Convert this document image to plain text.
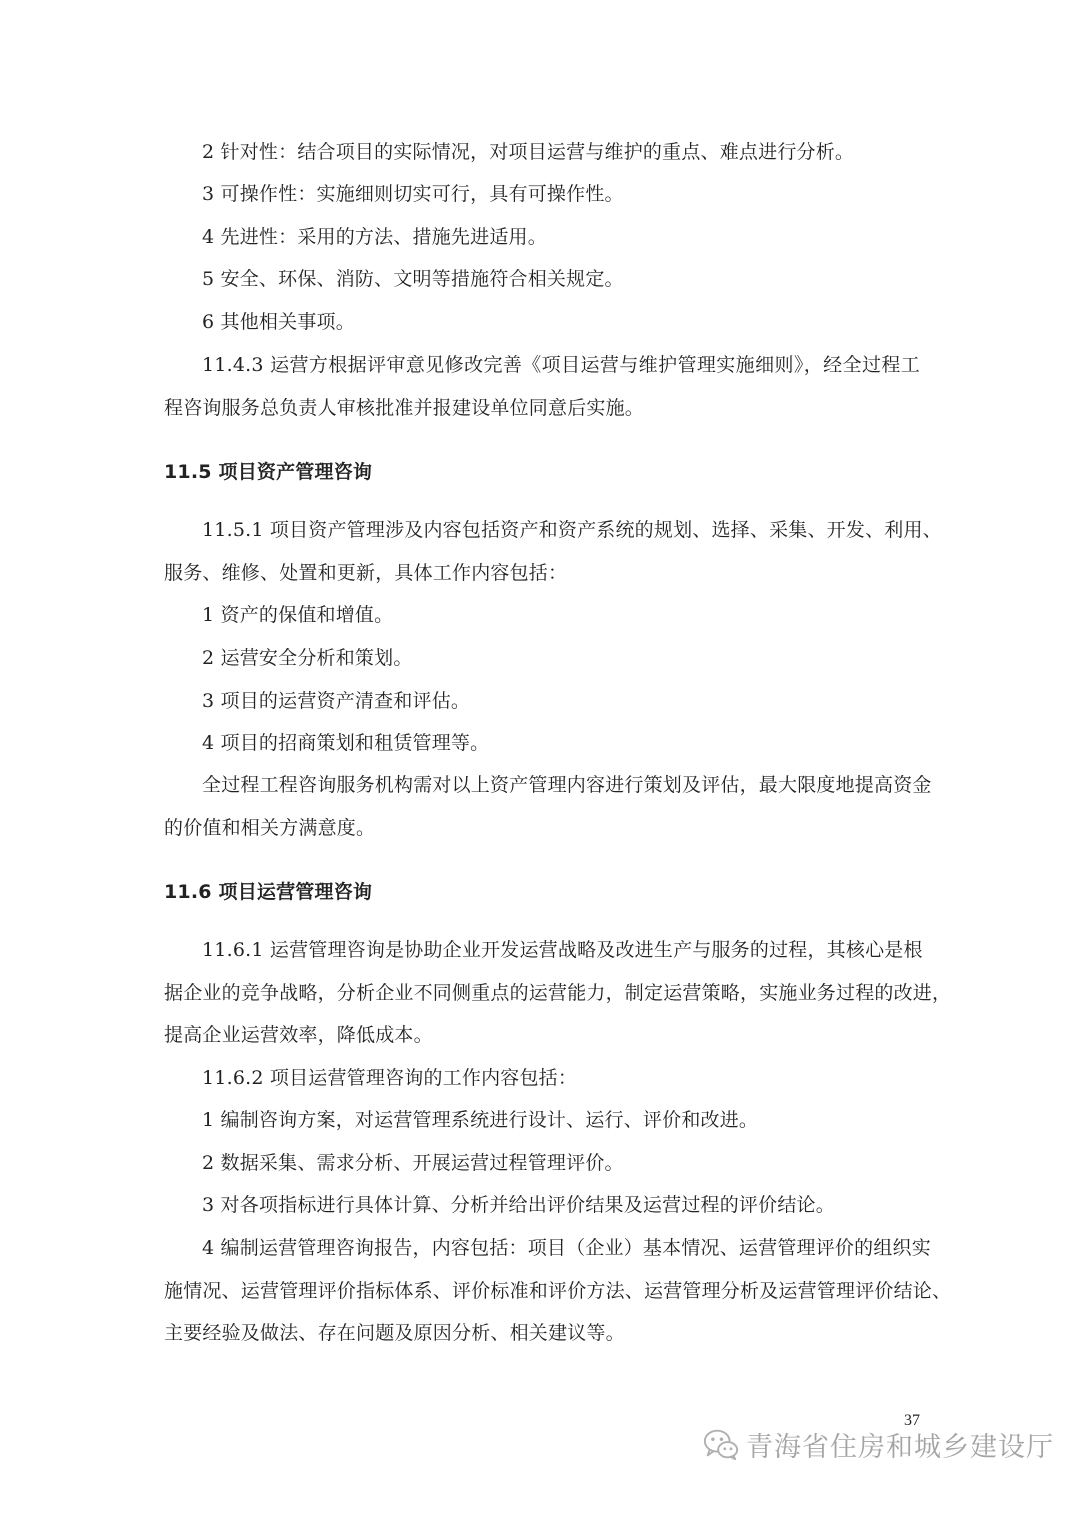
2 针对性：结合项目的实际情况，对项目运营与维护的重点、难点进行分析。
3 可操作性：实施细则切实可行，具有可操作性。
4 先进性：采用的方法、措施先进适用。
5 安全、环保、消防、文明等措施符合相关规定。
6 其他相关事项。
11.4.3 运营方根据评审意见修改完善《项目运营与维护管理实施细则》，经全过程工
程咨询服务总负责人审核批准并报建设单位同意后实施。
11.5 项目资产管理咨询
11.5.1 项目资产管理涉及内容包括资产和资产系统的规划、选择、采集、开发、利用、
服务、维修、处置和更新，具体工作内容包括：
1 资产的保值和增值。
2 运营安全分析和策划。
3 项目的运营资产清查和评估。
4 项目的招商策划和租赁管理等。
全过程工程咨询服务机构需对以上资产管理内容进行策划及评估，最大限度地提高资金
的价值和相关方满意度。
11.6 项目运营管理咨询
11.6.1 运营管理咨询是协助企业开发运营战略及改进生产与服务的过程，其核心是根
据企业的竞争战略，分析企业不同侧重点的运营能力，制定运营策略，实施业务过程的改进，
提高企业运营效率，降低成本。
11.6.2 项目运营管理咨询的工作内容包括：
1 编制咨询方案，对运营管理系统进行设计、运行、评价和改进。
2 数据采集、需求分析、开展运营过程管理评价。
3 对各项指标进行具体计算、分析并给出评价结果及运营过程的评价结论。
4 编制运营管理咨询报告，内容包括：项目（企业）基本情况、运营管理评价的组织实
施情况、运营管理评价指标体系、评价标准和评价方法、运营管理分析及运营管理评价结论、
主要经验及做法、存在问题及原因分析、相关建议等。
37
青海省住房和城乡建设厅
